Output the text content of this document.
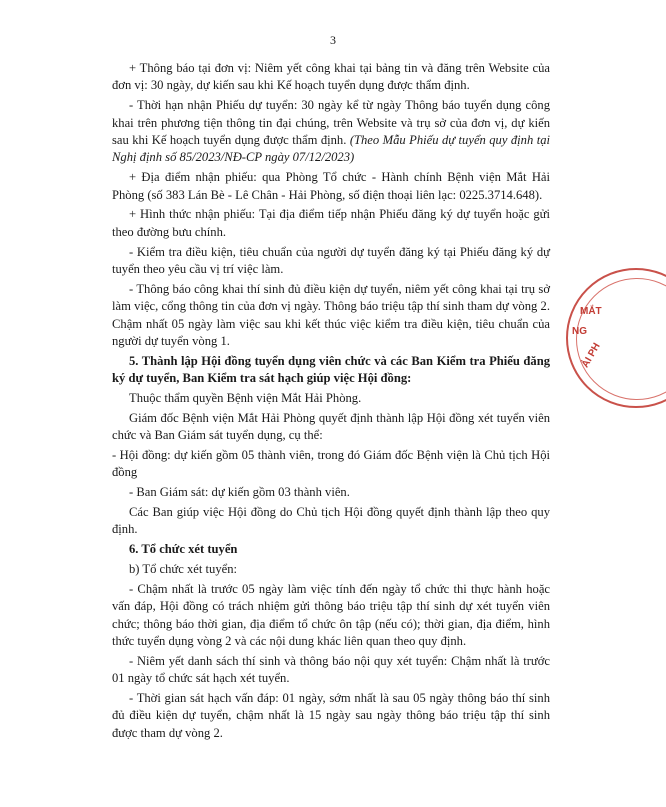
3

+ Thông báo tại đơn vị: Niêm yết công khai tại bảng tin và đăng trên Website của đơn vị: 30 ngày, dự kiến sau khi Kế hoạch tuyển dụng được thẩm định.

- Thời hạn nhận Phiếu dự tuyển: 30 ngày kể từ ngày Thông báo tuyển dụng công khai trên phương tiện thông tin đại chúng, trên Website và trụ sở của đơn vị, dự kiến sau khi Kế hoạch tuyển dụng được thẩm định. (Theo Mẫu Phiếu dự tuyển quy định tại Nghị định số 85/2023/NĐ-CP ngày 07/12/2023)

+ Địa điểm nhận phiếu: qua Phòng Tổ chức - Hành chính Bệnh viện Mắt Hải Phòng (số 383 Lán Bè - Lê Chân - Hải Phòng, số điện thoại liên lạc: 0225.3714.648).

+ Hình thức nhận phiếu: Tại địa điểm tiếp nhận Phiếu đăng ký dự tuyển hoặc gửi theo đường bưu chính.

- Kiểm tra điều kiện, tiêu chuẩn của người dự tuyển đăng ký tại Phiếu đăng ký dự tuyển theo yêu cầu vị trí việc làm.

- Thông báo công khai thí sinh đủ điều kiện dự tuyển, niêm yết công khai tại trụ sở làm việc, cổng thông tin của đơn vị ngày. Thông báo triệu tập thí sinh tham dự vòng 2. Chậm nhất 05 ngày làm việc sau khi kết thúc việc kiểm tra điều kiện, tiêu chuẩn của người dự tuyển vòng 1.

5. Thành lập Hội đồng tuyển dụng viên chức và các Ban Kiểm tra Phiếu đăng ký dự tuyển, Ban Kiểm tra sát hạch giúp việc Hội đồng:

Thuộc thẩm quyền Bệnh viện Mắt Hải Phòng.

Giám đốc Bệnh viện Mắt Hải Phòng quyết định thành lập Hội đồng xét tuyển viên chức và Ban Giám sát tuyển dụng, cụ thể:

- Hội đồng: dự kiến gồm 05 thành viên, trong đó Giám đốc Bệnh viện là Chủ tịch Hội đồng

- Ban Giám sát: dự kiến gồm 03 thành viên.

Các Ban giúp việc Hội đồng do Chủ tịch Hội đồng quyết định thành lập theo quy định.

6. Tổ chức xét tuyển

b) Tổ chức xét tuyển:

- Chậm nhất là trước 05 ngày làm việc tính đến ngày tổ chức thi thực hành hoặc vấn đáp, Hội đồng có trách nhiệm gửi thông báo triệu tập thí sinh dự xét tuyển viên chức; thông báo thời gian, địa điểm tổ chức ôn tập (nếu có); thời gian, địa điểm, hình thức tuyển dụng vòng 2 và các nội dung khác liên quan theo quy định.

- Niêm yết danh sách thí sinh và thông báo nội quy xét tuyển: Chậm nhất là trước 01 ngày tổ chức sát hạch xét tuyển.

- Thời gian sát hạch vấn đáp: 01 ngày, sớm nhất là sau 05 ngày thông báo thí sinh đủ điều kiện dự tuyển, chậm nhất là 15 ngày sau ngày thông báo triệu tập thí sinh được tham dự vòng 2.

MẮT
NG
ẢI PH
